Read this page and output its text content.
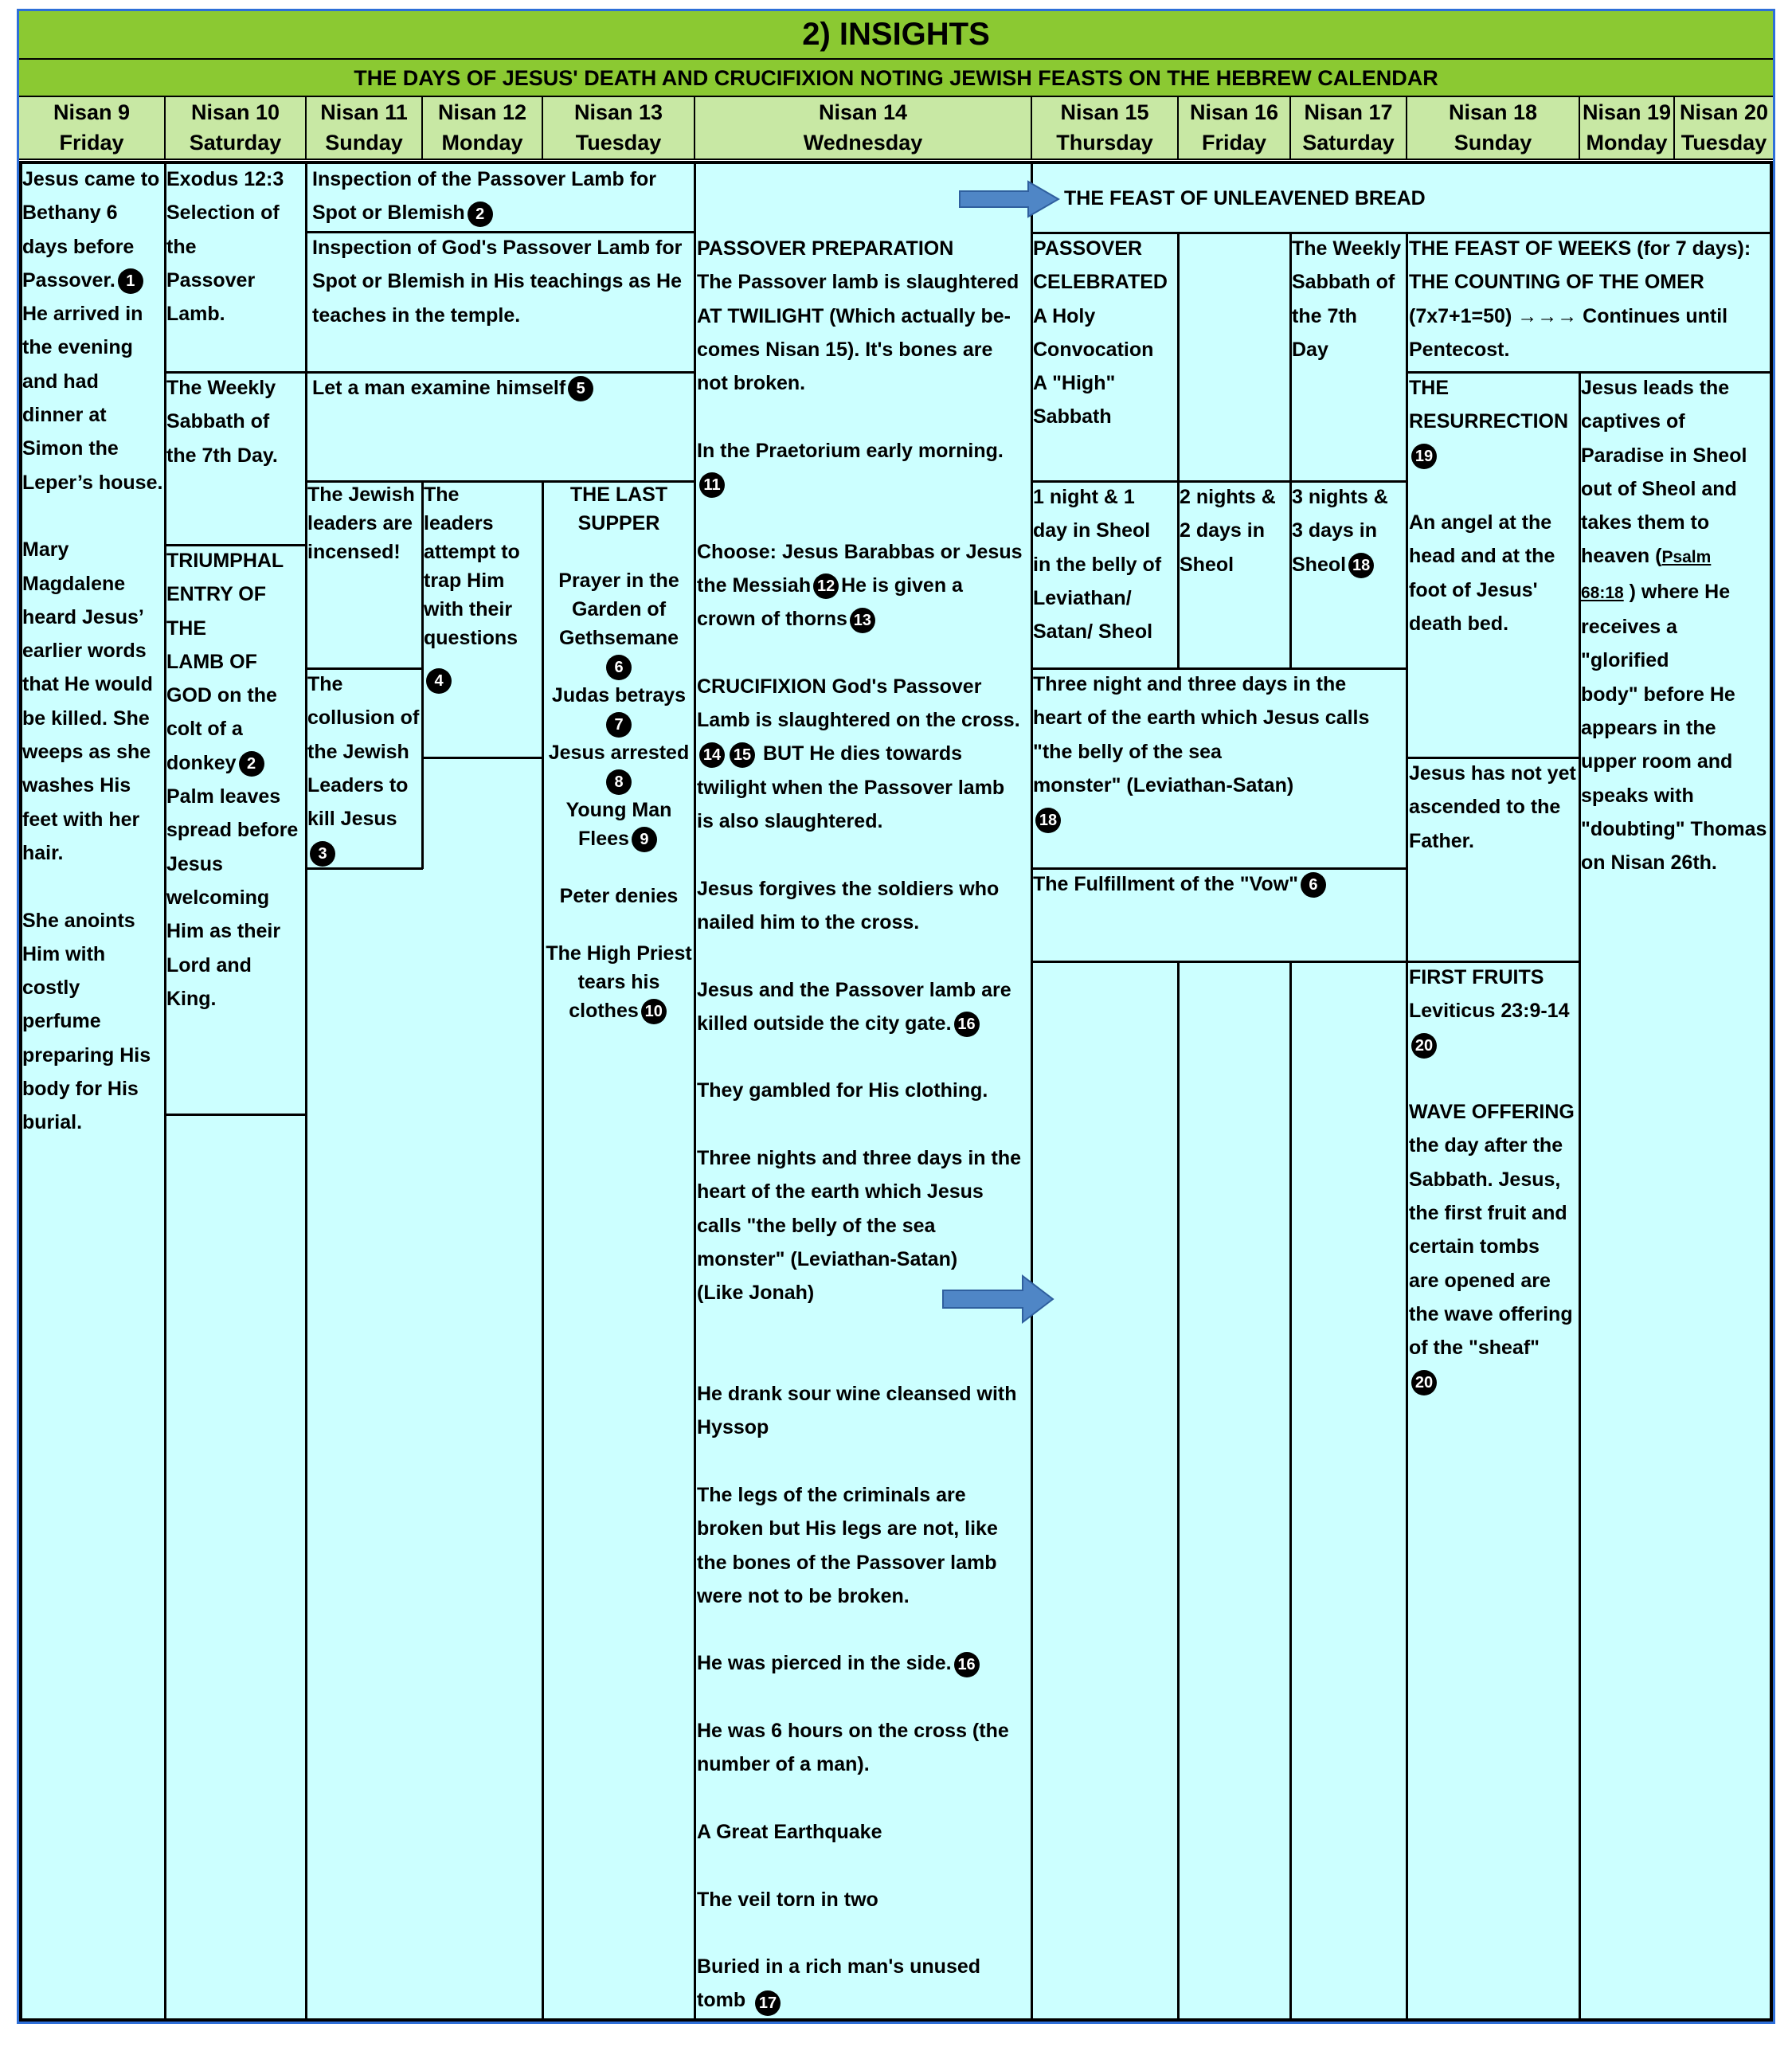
2) INSIGHTS
THE DAYS OF JESUS' DEATH AND CRUCIFIXION NOTING JEWISH FEASTS ON THE HEBREW CALENDAR
Nisan 9
Friday
Nisan 10
Saturday
Nisan 11
Sunday
Nisan 12
Monday
Nisan 13
Tuesday
Nisan 14
Wednesday
Nisan 15
Thursday
Nisan 16
Friday
Nisan 17
Saturday
Nisan 18
Sunday
Nisan 19
Monday
Nisan 20
Tuesday
Jesus came to
Bethany 6
days before
Passover. 1
He arrived in
the evening
and had
dinner at
Simon the
Leper’s house.

Mary
Magdalene
heard Jesus’
earlier words
that He would
be killed. She
weeps as she
washes His
feet with her
hair.

She anoints
Him with
costly
perfume
preparing His
body for His
burial.
Exodus 12:3
Selection of
the
Passover
Lamb.
The Weekly
Sabbath of
the 7th Day.
TRIUMPHAL
ENTRY OF THE
LAMB OF
GOD on the
colt of a
donkey 2
Palm leaves
spread before
Jesus
welcoming
Him as their
Lord and King.
Inspection of the Passover Lamb for
Spot or Blemish 2
Inspection of God's Passover Lamb for
Spot or Blemish in His teachings as He
teaches in the temple.
Let a man examine himself 5
The Jewish
leaders are
incensed!
The
collusion of
the Jewish
Leaders to
kill Jesus3
The
leaders
attempt to
trap Him
with their
questions
4
THE LAST
SUPPER

Prayer in the
Garden of
Gethsemane
6
Judas betrays
7
Jesus arrested
8
Young Man
Flees 9

Peter denies

The High Priest
tears his
clothes 10
PASSOVER PREPARATION
The Passover lamb is slaughtered
AT TWILIGHT (Which actually be-
comes Nisan 15). It's bones are
not broken.

In the Praetorium early morning.
11

Choose: Jesus Barabbas or Jesus
the Messiah 12 He is given a
crown of thorns 13

CRUCIFIXION God's Passover
Lamb is slaughtered on the cross.
14 15 BUT He dies towards
twilight when the Passover lamb
is also slaughtered.

Jesus forgives the soldiers who
nailed him to the cross.

Jesus and the Passover lamb are
killed outside the city gate. 16

They gambled for His clothing.

Three nights and three days in the
heart of the earth which Jesus
calls "the belly of the sea
monster" (Leviathan-Satan)
(Like Jonah)

He drank sour wine cleansed with
Hyssop

The legs of the criminals are
broken but His legs are not, like
the bones of the Passover lamb
were not to be broken.

He was pierced in the side. 16

He was 6 hours on the cross (the
number of a man).

A Great Earthquake

The veil torn in two

Buried in a rich man's unused
tomb 17
THE FEAST OF UNLEAVENED BREAD
PASSOVER
CELEBRATED
A Holy
Convocation
A "High"
Sabbath
The Weekly
Sabbath of
the 7th
Day
1 night & 1
day in Sheol
in the belly of
Leviathan/
Satan/ Sheol
2 nights &
2 days in
Sheol
3 nights &
3 days in
Sheol 18
Three night and three days in the
heart of the earth which Jesus calls
"the belly of the sea
monster" (Leviathan-Satan)
18
The Fulfillment of the "Vow" 6
THE FEAST OF WEEKS (for 7 days):
THE COUNTING OF THE OMER
(7x7+1=50) →→→ Continues until
Pentecost.
THE
RESURRECTION
19

An angel at the
head and at the
foot of Jesus'
death bed.
Jesus has not yet
ascended to the
Father.
FIRST FRUITS
Leviticus 23:9-14
20

WAVE OFFERING
the day after the
Sabbath. Jesus,
the first fruit and
certain tombs
are opened are
the wave offering
of the "sheaf"
20
Jesus leads the
captives of
Paradise in Sheol
out of Sheol and
takes them to
heaven (Psalm
68:18 ) where He
receives a "glorified
body" before He
appears in the
upper room and
speaks with
"doubting" Thomas
on Nisan 26th.
